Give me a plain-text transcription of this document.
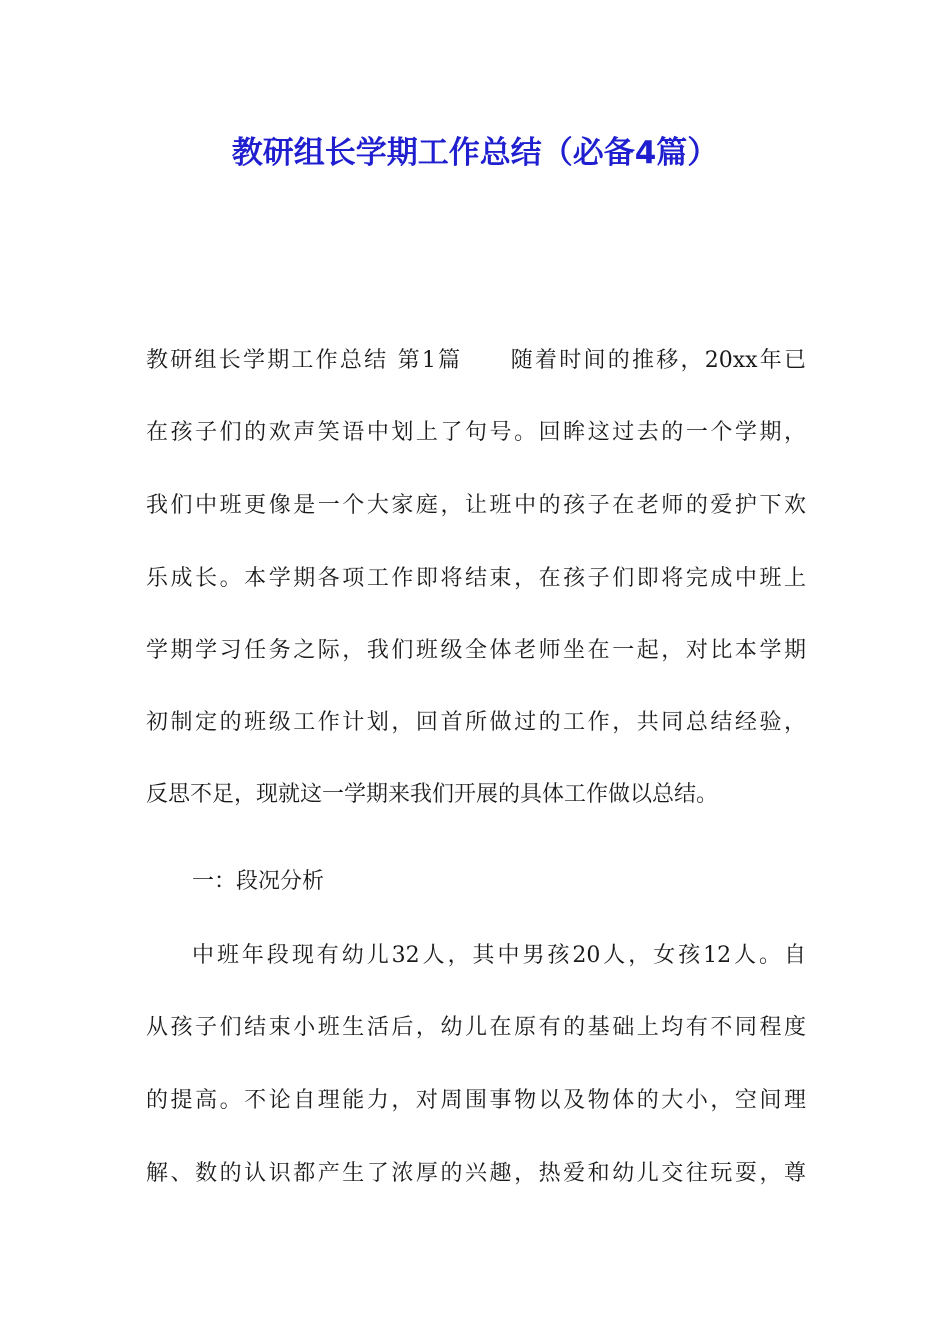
教研组长学期工作总结（必备4篇）
教研组长学期工作总结 第1篇　　随着时间的推移，20xx年已
在孩子们的欢声笑语中划上了句号。回眸这过去的一个学期，
我们中班更像是一个大家庭，让班中的孩子在老师的爱护下欢
乐成长。本学期各项工作即将结束，在孩子们即将完成中班上
学期学习任务之际，我们班级全体老师坐在一起，对比本学期
初制定的班级工作计划，回首所做过的工作，共同总结经验，
反思不足，现就这一学期来我们开展的具体工作做以总结。
一：段况分析
中班年段现有幼儿32人，其中男孩20人，女孩12人。自
从孩子们结束小班生活后，幼儿在原有的基础上均有不同程度
的提高。不论自理能力，对周围事物以及物体的大小，空间理
解、数的认识都产生了浓厚的兴趣，热爱和幼儿交往玩耍，尊
